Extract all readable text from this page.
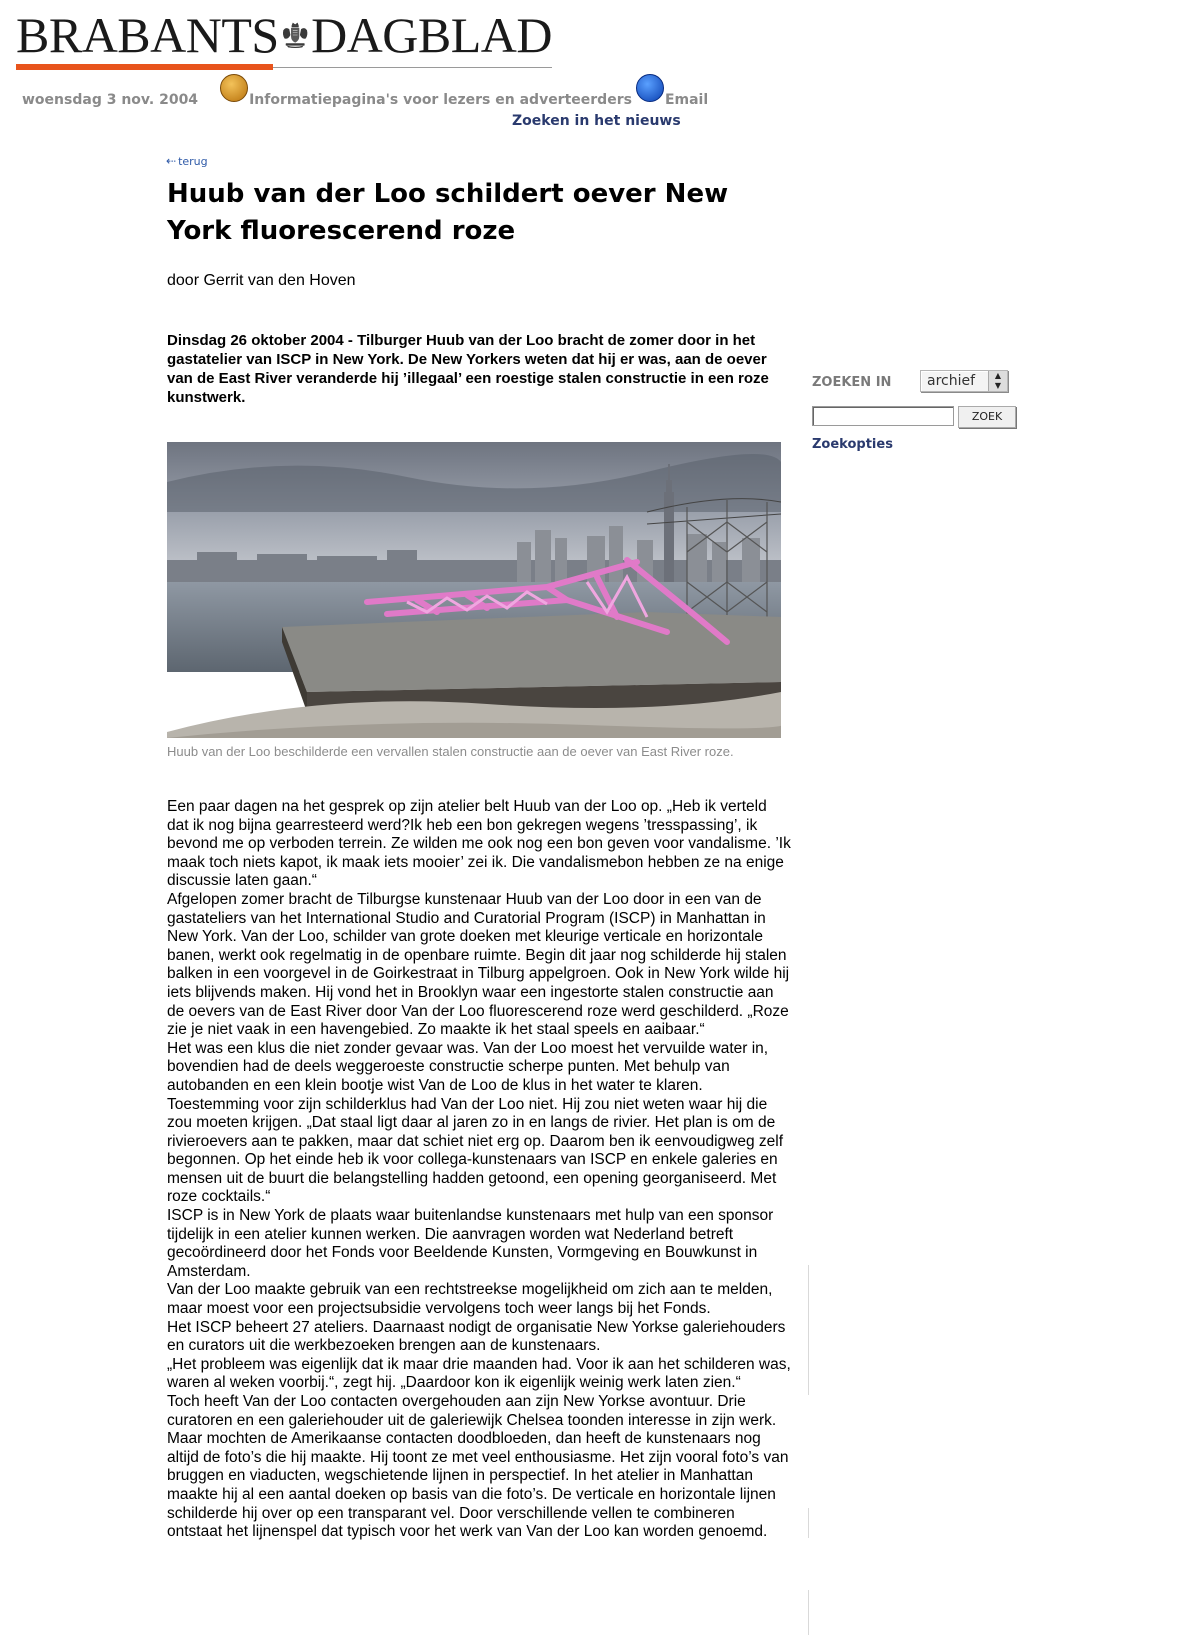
BRABANTS DAGBLAD
woensdag 3 nov. 2004	Informatiepagina's voor lezers en adverteerders Email
Zoeken in het nieuws
⇠ terug
Huub van der Loo schildert oever New York fluorescerend roze
door Gerrit van den Hoven

Dinsdag 26 oktober 2004 - Tilburger Huub van der Loo bracht de zomer door in het gastatelier van ISCP in New York. De New Yorkers weten dat hij er was, aan de oever van de East River veranderde hij ’illegaal’ een roestige stalen constructie in een roze kunstwerk.

Huub van der Loo beschilderde een vervallen stalen constructie aan de oever van East River roze.

Een paar dagen na het gesprek op zijn atelier belt Huub van der Loo op. „Heb ik verteld dat ik nog bijna gearresteerd werd?Ik heb een bon gekregen wegens ’tresspassing’, ik bevond me op verboden terrein. Ze wilden me ook nog een bon geven voor vandalisme. ’Ik maak toch niets kapot, ik maak iets mooier’ zei ik. Die vandalismebon hebben ze na enige discussie laten gaan.“

Afgelopen zomer bracht de Tilburgse kunstenaar Huub van der Loo door in een van de gastateliers van het International Studio and Curatorial Program (ISCP) in Manhattan in New York. Van der Loo, schilder van grote doeken met kleurige verticale en horizontale banen, werkt ook regelmatig in de openbare ruimte. Begin dit jaar nog schilderde hij stalen balken in een voorgevel in de Goirkestraat in Tilburg appelgroen. Ook in New York wilde hij iets blijvends maken. Hij vond het in Brooklyn waar een ingestorte stalen constructie aan de oevers van de East River door Van der Loo fluorescerend roze werd geschilderd. „Roze zie je niet vaak in een havengebied. Zo maakte ik het staal speels en aaibaar.“

Het was een klus die niet zonder gevaar was. Van der Loo moest het vervuilde water in, bovendien had de deels weggeroeste constructie scherpe punten. Met behulp van autobanden en een klein bootje wist Van de Loo de klus in het water te klaren.

Toestemming voor zijn schilderklus had Van der Loo niet. Hij zou niet weten waar hij die zou moeten krijgen. „Dat staal ligt daar al jaren zo in en langs de rivier. Het plan is om de rivieroevers aan te pakken, maar dat schiet niet erg op. Daarom ben ik eenvoudigweg zelf begonnen. Op het einde heb ik voor collega-kunstenaars van ISCP en enkele galeries en mensen uit de buurt die belangstelling hadden getoond, een opening georganiseerd. Met roze cocktails.“

ISCP is in New York de plaats waar buitenlandse kunstenaars met hulp van een sponsor tijdelijk in een atelier kunnen werken. Die aanvragen worden wat Nederland betreft gecoördineerd door het Fonds voor Beeldende Kunsten, Vormgeving en Bouwkunst in Amsterdam.

Van der Loo maakte gebruik van een rechtstreekse mogelijkheid om zich aan te melden, maar moest voor een projectsubsidie vervolgens toch weer langs bij het Fonds.

Het ISCP beheert 27 ateliers. Daarnaast nodigt de organisatie New Yorkse galeriehouders en curators uit die werkbezoeken brengen aan de kunstenaars.

„Het probleem was eigenlijk dat ik maar drie maanden had. Voor ik aan het schilderen was, waren al weken voorbij.“, zegt hij. „Daardoor kon ik eigenlijk weinig werk laten zien.“

Toch heeft Van der Loo contacten overgehouden aan zijn New Yorkse avontuur. Drie curatoren en een galeriehouder uit de galeriewijk Chelsea toonden interesse in zijn werk.

Maar mochten de Amerikaanse contacten doodbloeden, dan heeft de kunstenaars nog altijd de foto’s die hij maakte. Hij toont ze met veel enthousiasme. Het zijn vooral foto’s van bruggen en viaducten, wegschietende lijnen in perspectief. In het atelier in Manhattan maakte hij al een aantal doeken op basis van die foto’s. De verticale en horizontale lijnen schilderde hij over op een transparant vel. Door verschillende vellen te combineren ontstaat het lijnenspel dat typisch voor het werk van Van der Loo kan worden genoemd.

ZOEKEN IN	archief	▲
▼
ZOEK
Zoekopties
